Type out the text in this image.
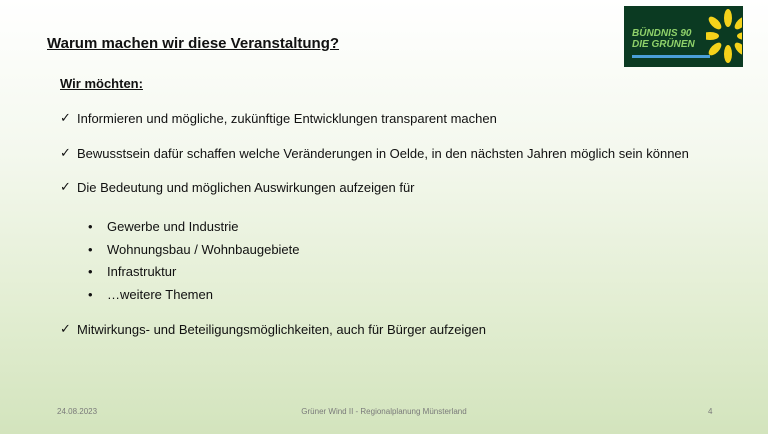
Warum machen wir diese Veranstaltung?
BÜNDNIS 90
DIE GRÜNEN
Wir möchten:
✓ Informieren und mögliche, zukünftige Entwicklungen transparent machen
✓ Bewusstsein dafür schaffen welche Veränderungen in Oelde, in den nächsten Jahren möglich sein können
✓ Die Bedeutung und möglichen Auswirkungen aufzeigen für
•	Gewerbe und Industrie
•	Wohnungsbau / Wohnbaugebiete
•	Infrastruktur
•	…weitere Themen
✓ Mitwirkungs- und Beteiligungsmöglichkeiten, auch für Bürger aufzeigen
24.08.2023	Grüner Wind II - Regionalplanung Münsterland	4
